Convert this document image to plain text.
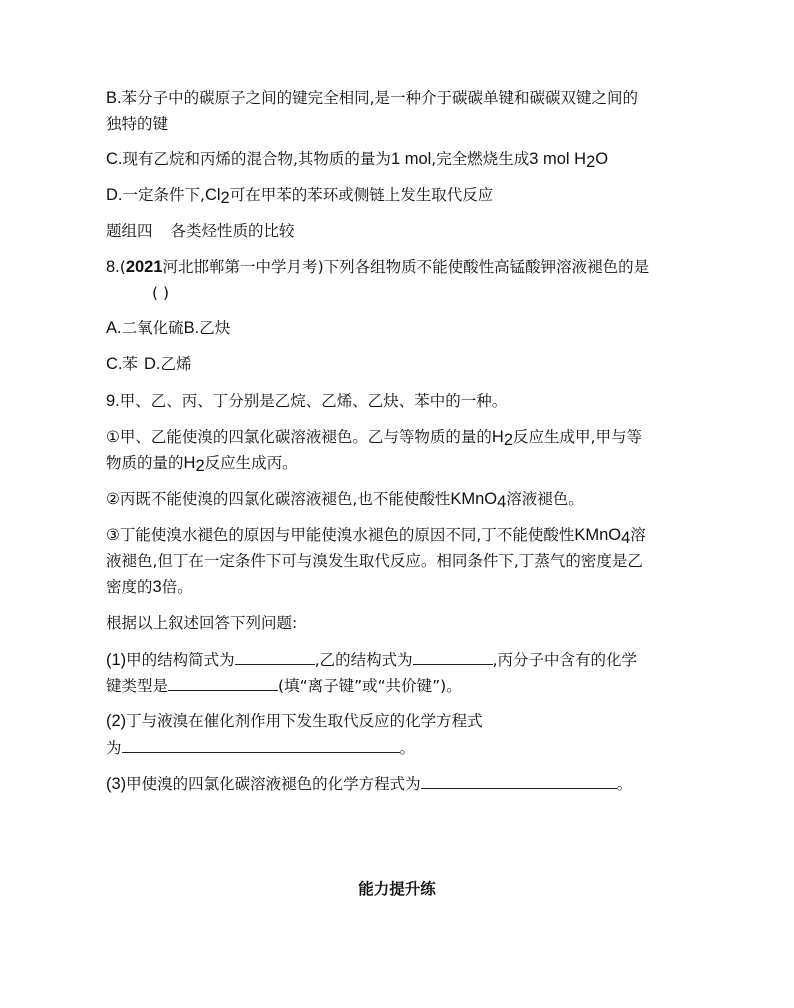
B.苯分子中的碳原子之间的键完全相同,是一种介于碳碳单键和碳碳双键之间的
独特的键
C.现有乙烷和丙烯的混合物,其物质的量为1 mol,完全燃烧生成3 mol $H_2O$
D.一定条件下$,Cl_2$可在甲苯的苯环或侧链上发生取代反应
题组四 各类烃性质的比较
8.(2021河北邯郸第一中学月考)下列各组物质不能使酸性高锰酸钾溶液褪色的是
( )
A.二氧化硫B.乙炔
C.苯 D.乙烯
9.甲、乙、丙、丁分别是乙烷、乙烯、乙炔、苯中的一种。
①甲、乙能使溴的四氯化碳溶液褪色。乙与等物质的量的$H_2$反应生成甲,甲与等
物质的量的$H_2$反应生成丙。
②丙既不能使溴的四氯化碳溶液褪色,也不能使酸性KMnO$_4$溶液褪色。
③丁能使溴水褪色的原因与甲能使溴水褪色的原因不同,丁不能使酸性KMnO$_4$溶
液褪色,但丁在一定条件下可与溴发生取代反应。相同条件下,丁蒸气的密度是乙
密度的3倍。
根据以上叙述回答下列问题:
(1)甲的结构简式为	,乙的结构式为	,丙分子中含有的化学
键类型是	(填“离子键”或“共价键”)。
(2)丁与液溴在催化剂作用下发生取代反应的化学方程式
为	。
(3)甲使溴的四氯化碳溶液褪色的化学方程式为	。
能力提升练
